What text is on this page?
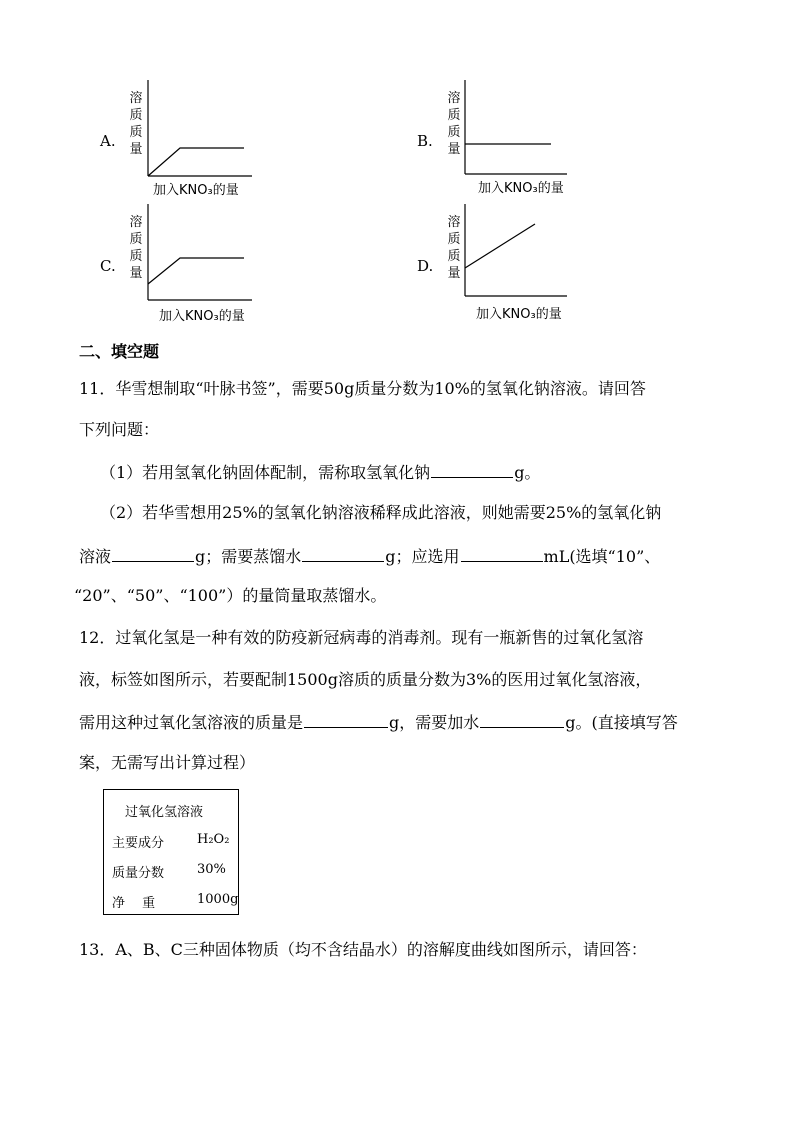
A.
溶
质
质
量
加入KNO₃的量
B.
溶
质
质
量
加入KNO₃的量
C.
溶
质
质
量
加入KNO₃的量
D.
溶
质
质
量
加入KNO₃的量
二、填空题
11．华雪想制取“叶脉书签”，需要50g质量分数为10%的氢氧化钠溶液。请回答
下列问题：
（1）若用氢氧化钠固体配制，需称取氢氧化钠	g。
（2）若华雪想用25%的氢氧化钠溶液稀释成此溶液，则她需要25%的氢氧化钠
溶液	g；需要蒸馏水	g；应选用	mL(选填“10”、
“20”、“50”、“100”）的量筒量取蒸馏水。
12．过氧化氢是一种有效的防疫新冠病毒的消毒剂。现有一瓶新售的过氧化氢溶
液，标签如图所示，若要配制1500g溶质的质量分数为3%的医用过氧化氢溶液，
需用这种过氧化氢溶液的质量是	g，需要加水	g。(直接填写答
案，无需写出计算过程）
过氧化氢溶液
主要成分	H₂O₂
质量分数	30%
净　 重	1000g
13．A、B、C三种固体物质（均不含结晶水）的溶解度曲线如图所示，请回答：
